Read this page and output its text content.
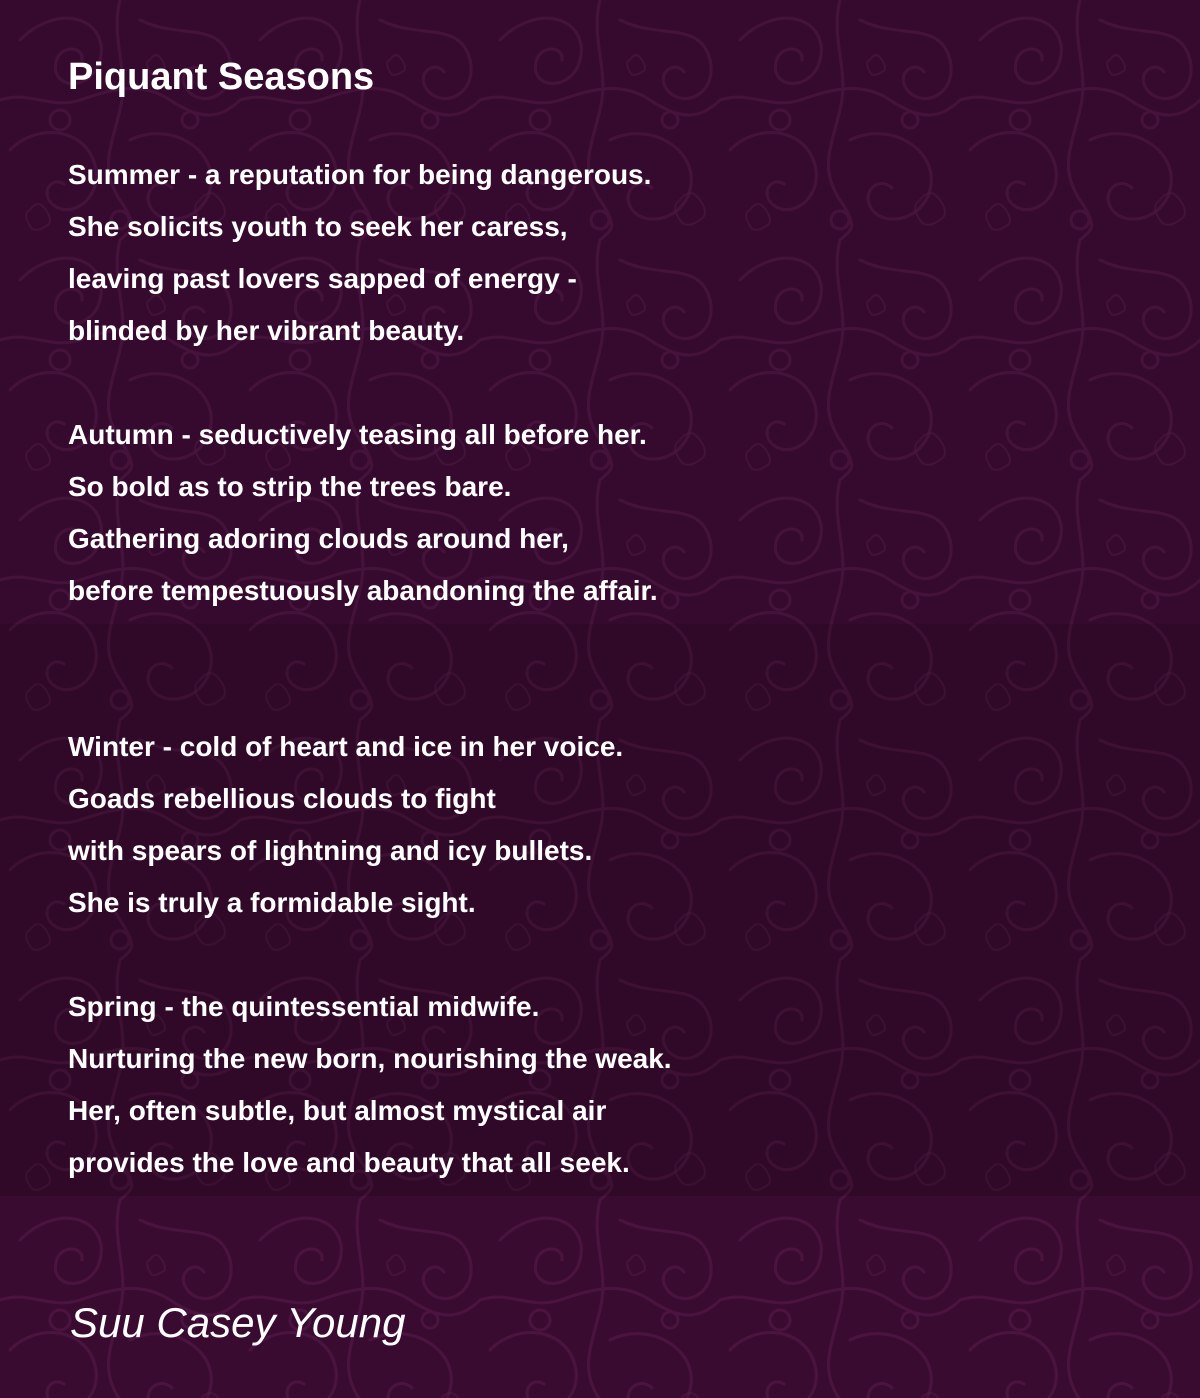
Piquant Seasons
Summer - a reputation for being dangerous.
She solicits youth to seek her caress,
leaving past lovers sapped of energy -
blinded by her vibrant beauty.
Autumn - seductively teasing all before her.
So bold as to strip the trees bare.
Gathering adoring clouds around her,
before tempestuously abandoning the affair.
Winter - cold of heart and ice in her voice.
Goads rebellious clouds to fight
with spears of lightning and icy bullets.
She is truly a formidable sight.
Spring - the quintessential midwife.
Nurturing the new born, nourishing the weak.
Her, often subtle, but almost mystical air
provides the love and beauty that all seek.

Suu Casey Young
